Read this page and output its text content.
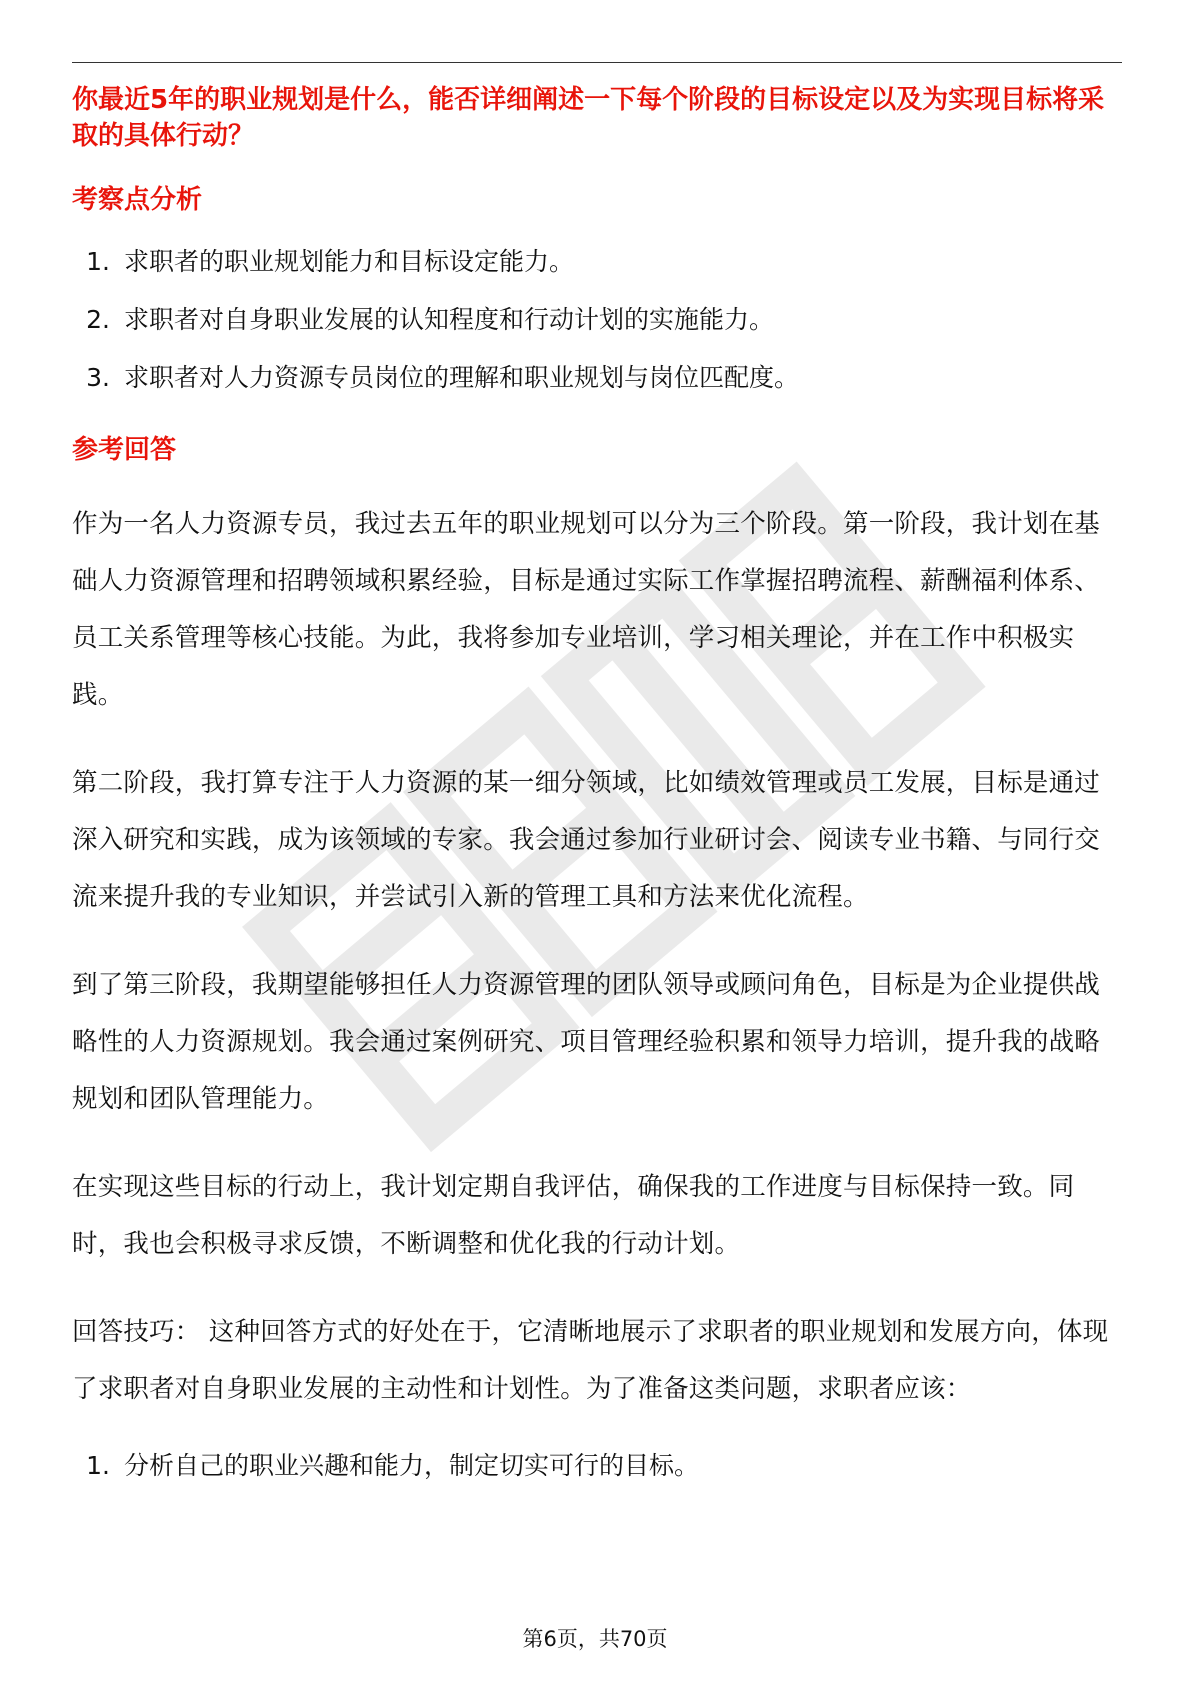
你最近5年的职业规划是什么，能否详细阐述一下每个阶段的目标设定以及为实现目标将采取的具体行动？

考察点分析

1. 求职者的职业规划能力和目标设定能力。
2. 求职者对自身职业发展的认知程度和行动计划的实施能力。
3. 求职者对人力资源专员岗位的理解和职业规划与岗位匹配度。

参考回答

作为一名人力资源专员，我过去五年的职业规划可以分为三个阶段。第一阶段，我计划在基础人力资源管理和招聘领域积累经验，目标是通过实际工作掌握招聘流程、薪酬福利体系、员工关系管理等核心技能。为此，我将参加专业培训，学习相关理论，并在工作中积极实践。

第二阶段，我打算专注于人力资源的某一细分领域，比如绩效管理或员工发展，目标是通过深入研究和实践，成为该领域的专家。我会通过参加行业研讨会、阅读专业书籍、与同行交流来提升我的专业知识，并尝试引入新的管理工具和方法来优化流程。

到了第三阶段，我期望能够担任人力资源管理的团队领导或顾问角色，目标是为企业提供战略性的人力资源规划。我会通过案例研究、项目管理经验积累和领导力培训，提升我的战略规划和团队管理能力。

在实现这些目标的行动上，我计划定期自我评估，确保我的工作进度与目标保持一致。同时，我也会积极寻求反馈，不断调整和优化我的行动计划。

回答技巧： 这种回答方式的好处在于，它清晰地展示了求职者的职业规划和发展方向，体现了求职者对自身职业发展的主动性和计划性。为了准备这类问题，求职者应该：

1. 分析自己的职业兴趣和能力，制定切实可行的目标。
第6页，共70页
